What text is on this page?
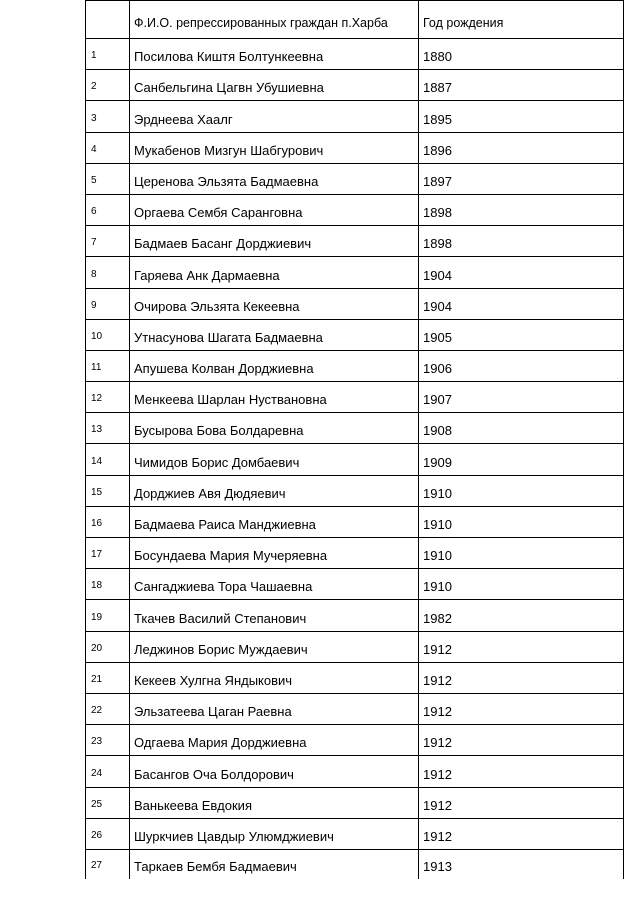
	Ф.И.О. репрессированных граждан п.Харба	Год рождения
1	Посилова Киштя Болтункеевна	1880
2	Санбельгина Цагвн Убушиевна	1887
3	Эрднеева Хаалг	1895
4	Мукабенов Мизгун Шабгурович	1896
5	Церенова Эльзята Бадмаевна	1897
6	Оргаева Сембя Саранговна	1898
7	Бадмаев Басанг Дорджиевич	1898
8	Гаряева Анк Дармаевна	1904
9	Очирова Эльзята Кекеевна	1904
10	Утнасунова Шагата Бадмаевна	1905
11	Апушева Колван Дорджиевна	1906
12	Менкеева Шарлан Нуствановна	1907
13	Бусырова Бова Болдаревна	1908
14	Чимидов Борис Домбаевич	1909
15	Дорджиев Авя Дюдяевич	1910
16	Бадмаева Раиса Манджиевна	1910
17	Босундаева Мария Мучеряевна	1910
18	Сангаджиева Тора Чашаевна	1910
19	Ткачев Василий Степанович	1982
20	Леджинов Борис Муждаевич	1912
21	Кекеев Хулгна Яндыкович	1912
22	Эльзатеева Цаган Раевна	1912
23	Одгаева Мария Дорджиевна	1912
24	Басангов Оча Болдорович	1912
25	Ванькеева Евдокия	1912
26	Шуркчиев Цавдыр Улюмджиевич	1912
27	Таркаев Бембя Бадмаевич	1913
